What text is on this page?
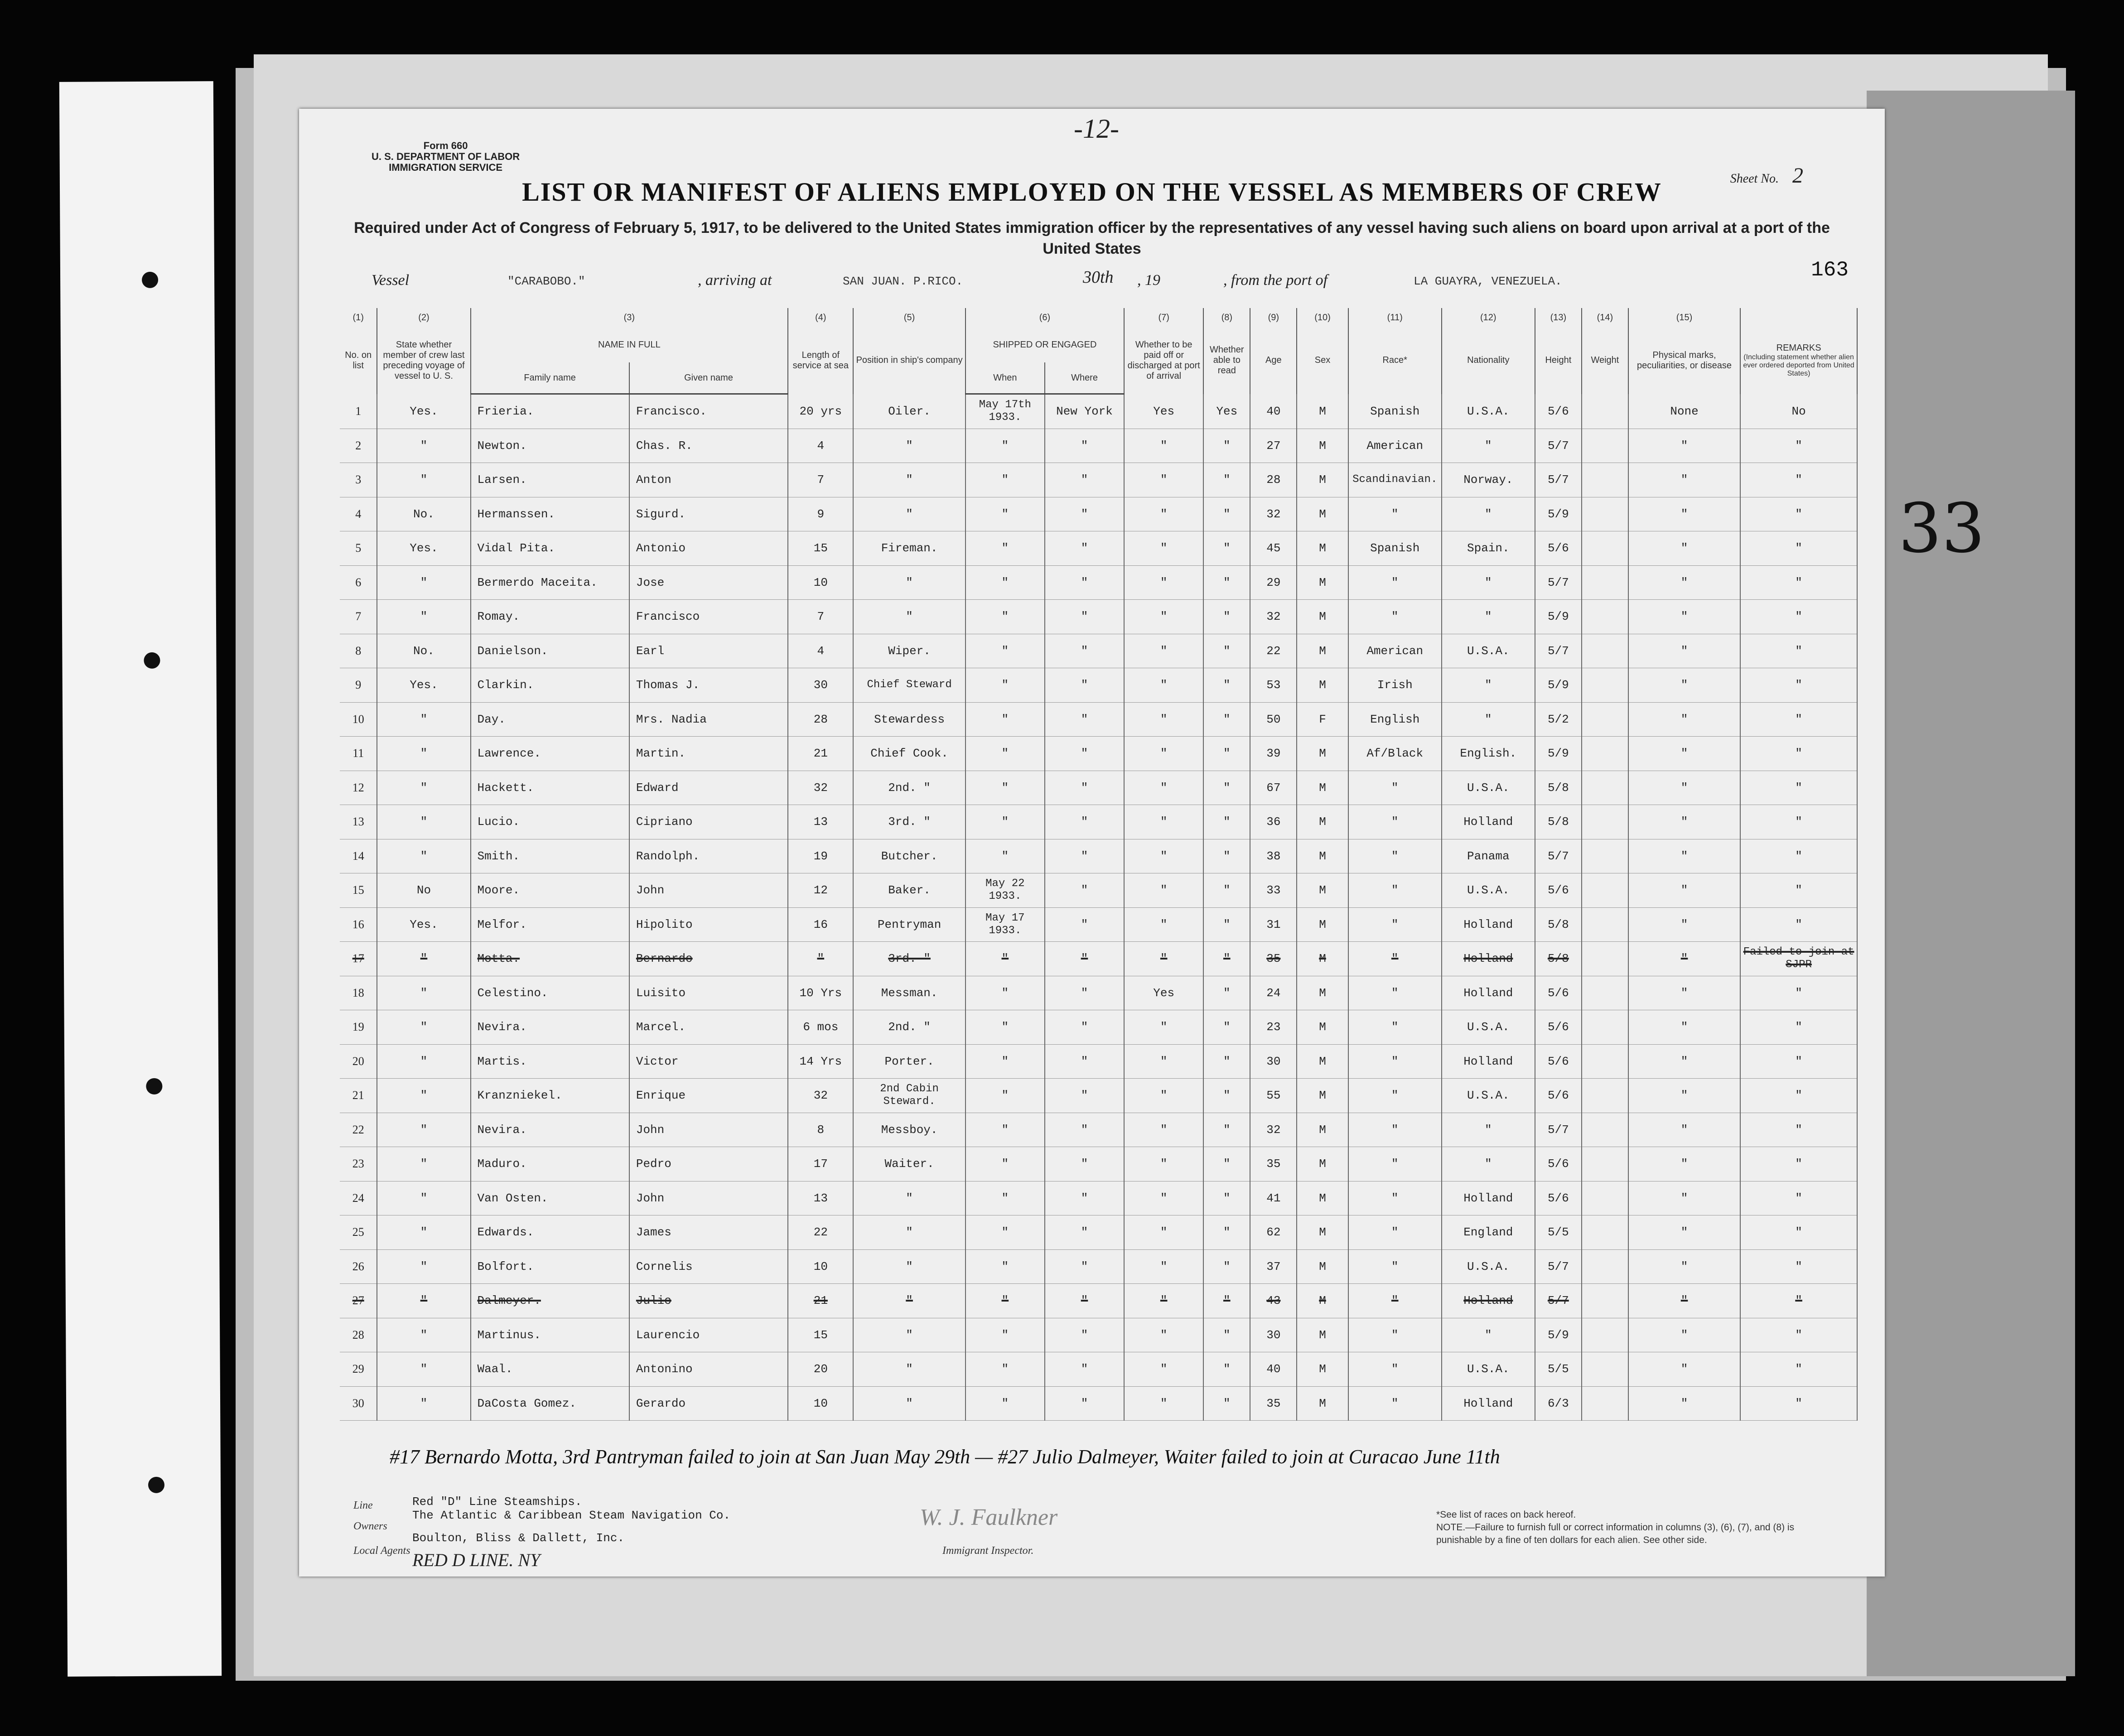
33
-12-
Form 660
U. S. DEPARTMENT OF LABOR
IMMIGRATION SERVICE
Sheet No. 2
LIST OR MANIFEST OF ALIENS EMPLOYED ON THE VESSEL AS MEMBERS OF CREW
Required under Act of Congress of February 5, 1917, to be delivered to the United States immigration officer by the representatives of any vessel having such aliens on board upon arrival at a port of the United States
163
Vessel	"CARABOBO."	, arriving at	SAN JUAN. P.RICO.	30th , 19	, from the port of	LA GUAYRA, VENEZUELA.
(1)	(2)	(3)		(4)	(5)	(6)		(7)	(8)	(9)	(10)	(11)	(12)	(13)	(14)	(15)	
No. on list	State whether member of crew last preceding voyage of vessel to U. S.	NAME IN FULL		Length of service at sea	Position in ship's company	SHIPPED OR ENGAGED		Whether to be paid off or discharged at port of arrival	Whether able to read	Age	Sex	Race*	Nationality	Height	Weight	Physical marks, peculiarities, or disease	REMARKS
(Including statement whether alien ever ordered deported from United States)

		Family name	Given name			When	Where										
1	Yes.	Frieria.	Francisco.	20 yrs	Oiler.	May 17th 1933.	New York	Yes	Yes	40	M	Spanish	U.S.A.	5/6		None	No
2	"	Newton.	Chas. R.	4	"	"	"	"	"	27	M	American	"	5/7		"	"
3	"	Larsen.	Anton	7	"	"	"	"	"	28	M	Scandinavian.	Norway.	5/7		"	"
4	No.	Hermanssen.	Sigurd.	9	"	"	"	"	"	32	M	"	"	5/9		"	"
5	Yes.	Vidal Pita.	Antonio	15	Fireman.	"	"	"	"	45	M	Spanish	Spain.	5/6		"	"
6	"	Bermerdo Maceita.	Jose	10	"	"	"	"	"	29	M	"	"	5/7		"	"
7	"	Romay.	Francisco	7	"	"	"	"	"	32	M	"	"	5/9		"	"
8	No.	Danielson.	Earl	4	Wiper.	"	"	"	"	22	M	American	U.S.A.	5/7		"	"
9	Yes.	Clarkin.	Thomas J.	30	Chief Steward	"	"	"	"	53	M	Irish	"	5/9		"	"
10	"	Day.	Mrs. Nadia	28	Stewardess	"	"	"	"	50	F	English	"	5/2		"	"
11	"	Lawrence.	Martin.	21	Chief Cook.	"	"	"	"	39	M	Af/Black	English.	5/9		"	"
12	"	Hackett.	Edward	32	2nd. "	"	"	"	"	67	M	"	U.S.A.	5/8		"	"
13	"	Lucio.	Cipriano	13	3rd. "	"	"	"	"	36	M	"	Holland	5/8		"	"
14	"	Smith.	Randolph.	19	Butcher.	"	"	"	"	38	M	"	Panama	5/7		"	"
15	No	Moore.	John	12	Baker.	May 22 1933.	"	"	"	33	M	"	U.S.A.	5/6		"	"
16	Yes.	Melfor.	Hipolito	16	Pentryman	May 17 1933.	"	"	"	31	M	"	Holland	5/8		"	"
17	"	Motta.	Bernardo	"	3rd. "	"	"	"	"	35	M	"	Holland	5/8		"	Failed to join at SJPR
18	"	Celestino.	Luisito	10 Yrs	Messman.	"	"	Yes	"	24	M	"	Holland	5/6		"	"
19	"	Nevira.	Marcel.	6 mos	2nd. "	"	"	"	"	23	M	"	U.S.A.	5/6		"	"
20	"	Martis.	Victor	14 Yrs	Porter.	"	"	"	"	30	M	"	Holland	5/6		"	"
21	"	Kranzniekel.	Enrique	32	2nd Cabin Steward.	"	"	"	"	55	M	"	U.S.A.	5/6		"	"
22	"	Nevira.	John	8	Messboy.	"	"	"	"	32	M	"	"	5/7		"	"
23	"	Maduro.	Pedro	17	Waiter.	"	"	"	"	35	M	"	"	5/6		"	"
24	"	Van Osten.	John	13	"	"	"	"	"	41	M	"	Holland	5/6		"	"
25	"	Edwards.	James	22	"	"	"	"	"	62	M	"	England	5/5		"	"
26	"	Bolfort.	Cornelis	10	"	"	"	"	"	37	M	"	U.S.A.	5/7		"	"
27	"	Dalmeyer.	Julio	21	"	"	"	"	"	43	M	"	Holland	5/7		"	"
28	"	Martinus.	Laurencio	15	"	"	"	"	"	30	M	"	"	5/9		"	"
29	"	Waal.	Antonino	20	"	"	"	"	"	40	M	"	U.S.A.	5/5		"	"
30	"	DaCosta Gomez.	Gerardo	10	"	"	"	"	"	35	M	"	Holland	6/3		"	"
#17 Bernardo Motta, 3rd Pantryman failed to join at San Juan May 29th — #27 Julio Dalmeyer, Waiter failed to join at Curacao June 11th
Line	Red "D" Line Steamships.
Owners
The Atlantic & Caribbean Steam Navigation Co.
Boulton, Bliss & Dallett, Inc.
Local Agents RED D LINE. NY
W. J. Faulkner
Immigrant Inspector.
*See list of races on back hereof.
NOTE.—Failure to furnish full or correct information in columns (3), (6), (7), and (8) is punishable by a fine of ten dollars for each alien. See other side.
